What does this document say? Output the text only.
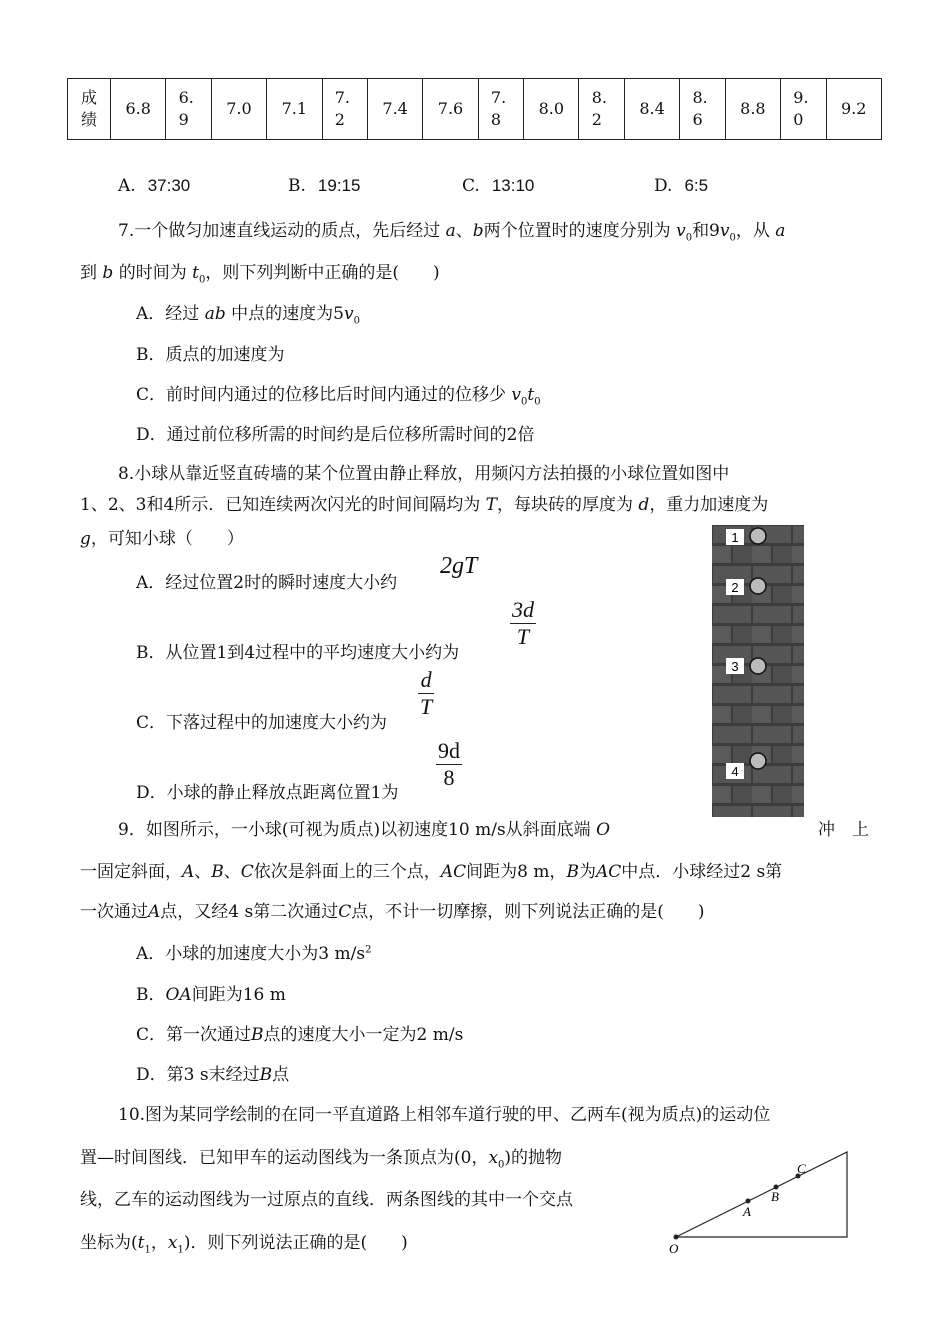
成绩	6.8	6.9	7.0	7.1	7.2	7.4	7.6	7.8	8.0	8.2	8.4	8.6	8.8	9.0	9.2
A. 37:30	B. 19:15	C. 13:10	D. 6:5
7.一个做匀加速直线运动的质点，先后经过 a、b两个位置时的速度分别为 $v_0$和$9v_0$，从 a
到 b 的时间为 $t_0$，则下列判断中正确的是(　　)
A．经过 ab 中点的速度为$5v_0$
B．质点的加速度为
C．前时间内通过的位移比后时间内通过的位移少 $v_0t_0$
D．通过前位移所需的时间约是后位移所需时间的2倍
8.小球从靠近竖直砖墙的某个位置由静止释放，用频闪方法拍摄的小球位置如图中
1、2、3和4所示．已知连续两次闪光的时间间隔均为 T，每块砖的厚度为 d，重力加速度为
g，可知小球（　　）
A．经过位置2时的瞬时速度大小约
2gT
B．从位置1到4过程中的平均速度大小约为
$\frac{3d}{T}$
C．下落过程中的加速度大小约为
$\frac{d}{T}$
D．小球的静止释放点距离位置1为
$\frac{9d}{8}$
1
2
3
4
9．如图所示，一小球(可视为质点)以初速度10 m/s从斜面底端 O	冲　上
一固定斜面，A、B、C依次是斜面上的三个点，AC间距为8 m，B为AC中点．小球经过2 s第
一次通过A点，又经4 s第二次通过C点，不计一切摩擦，则下列说法正确的是(　　)
A．小球的加速度大小为3 $m/s^2$
B．OA间距为16 m
C．第一次通过B点的速度大小一定为2 m/s
D．第3 s末经过B点
10.图为某同学绘制的在同一平直道路上相邻车道行驶的甲、乙两车(视为质点)的运动位
置—时间图线．已知甲车的运动图线为一条顶点为(0，$x_0$)的抛物
线，乙车的运动图线为一过原点的直线．两条图线的其中一个交点
坐标为($t_1$，$x_1$)．则下列说法正确的是(　　)	O
A
B
C
